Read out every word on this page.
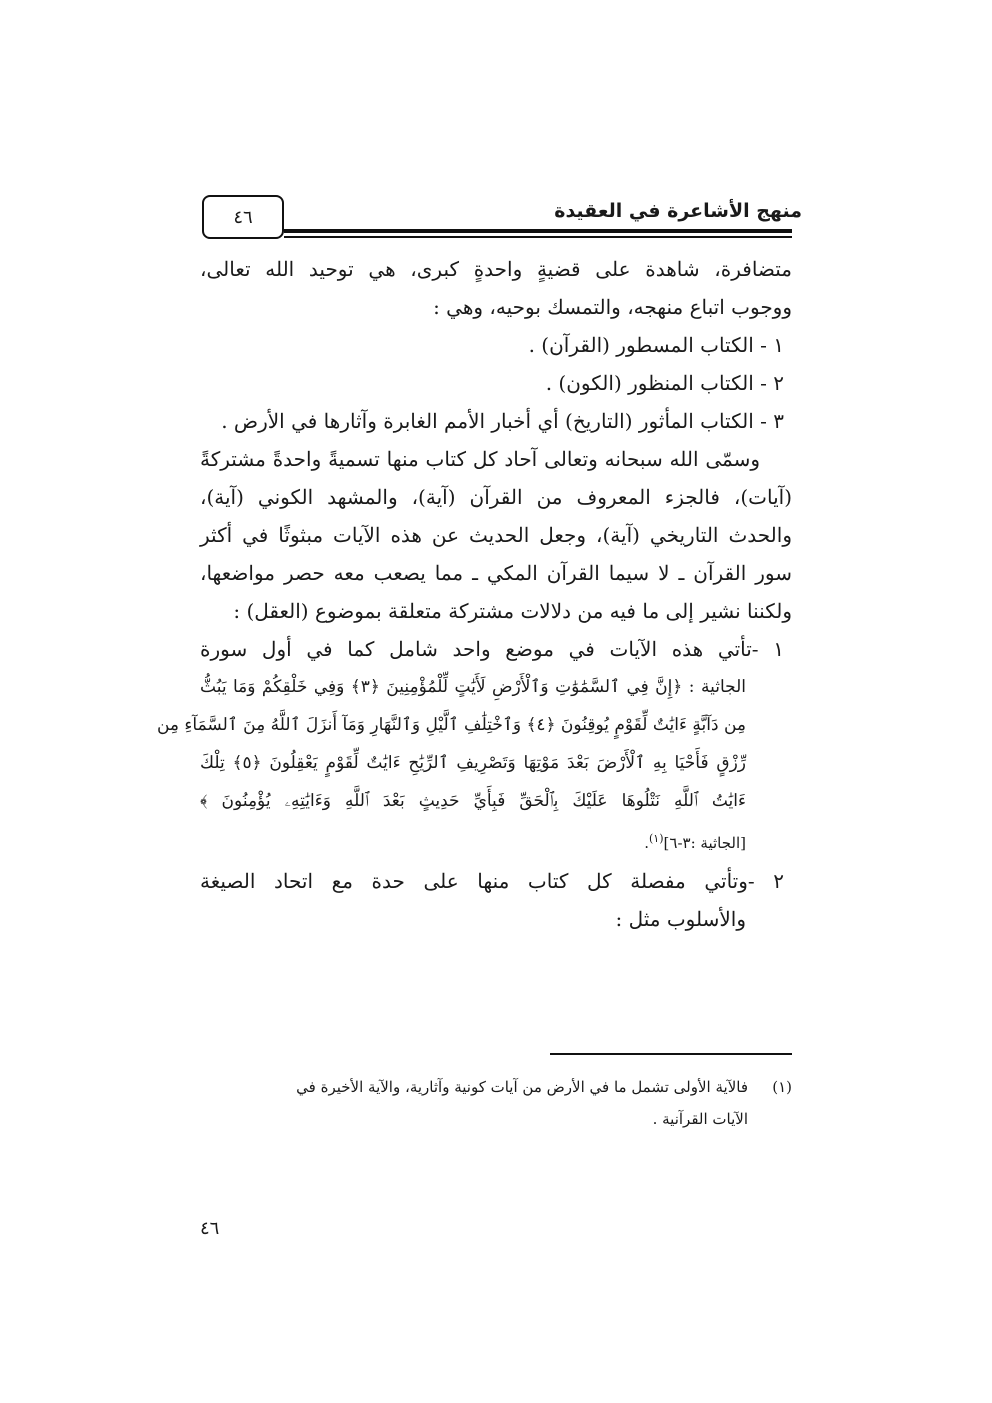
٤٦	منهج الأشاعرة في العقيدة
متضافرة، شاهدة على قضيةٍ واحدةٍ كبرى، هي توحيد الله تعالى،
ووجوب اتباع منهجه، والتمسك بوحيه، وهي :
١ - الكتاب المسطور (القرآن) .
٢ - الكتاب المنظور (الكون) .
٣ - الكتاب المأثور (التاريخ) أي أخبار الأمم الغابرة وآثارها في الأرض .
وسمّى الله سبحانه وتعالى آحاد كل كتاب منها تسميةً واحدةً مشتركةً
(آيات)، فالجزء المعروف من القرآن (آية)، والمشهد الكوني (آية)،
والحدث التاريخي (آية)، وجعل الحديث عن هذه الآيات مبثوثًا في أكثر
سور القرآن ـ لا سيما القرآن المكي ـ مما يصعب معه حصر مواضعها،
ولكننا نشير إلى ما فيه من دلالات مشتركة متعلقة بموضوع (العقل) :
١ -تأتي هذه الآيات في موضع واحد شامل كما في أول سورة
الجاثية : ﴿إِنَّ فِي ٱلسَّمَٰوَٰتِ وَٱلْأَرْضِ لَأَيَٰتٍ لِّلْمُؤْمِنِينَ ﴿٣﴾ وَفِي خَلْقِكُمْ وَمَا يَبُثُّ
مِن دَآبَّةٍ ءَايَٰتٌ لِّقَوْمٍ يُوقِنُونَ ﴿٤﴾ وَٱخْتِلَٰفِ ٱلَّيْلِ وَٱلنَّهَارِ وَمَآ أَنزَلَ ٱللَّهُ مِنَ ٱلسَّمَآءِ مِن
رِّزْقٍ فَأَحْيَا بِهِ ٱلْأَرْضَ بَعْدَ مَوْتِهَا وَتَصْرِيفِ ٱلرِّيَٰحِ ءَايَٰتٌ لِّقَوْمٍ يَعْقِلُونَ ﴿٥﴾ تِلْكَ
ءَايَٰتُ ٱللَّهِ نَتْلُوهَا عَلَيْكَ بِٱلْحَقِّ فَبِأَيِّ حَدِيثٍ بَعْدَ ٱللَّهِ وَءَايَٰتِهِۦ يُؤْمِنُونَ ﴾
[الجاثية :٣-٦]$^{(١)}$.
٢ -وتأتي مفصلة كل كتاب منها على حدة مع اتحاد الصيغة
والأسلوب مثل :
(١)فالآية الأولى تشمل ما في الأرض من آيات كونية وآثارية، والآية الأخيرة في
الآيات القرآنية .
٤٦
